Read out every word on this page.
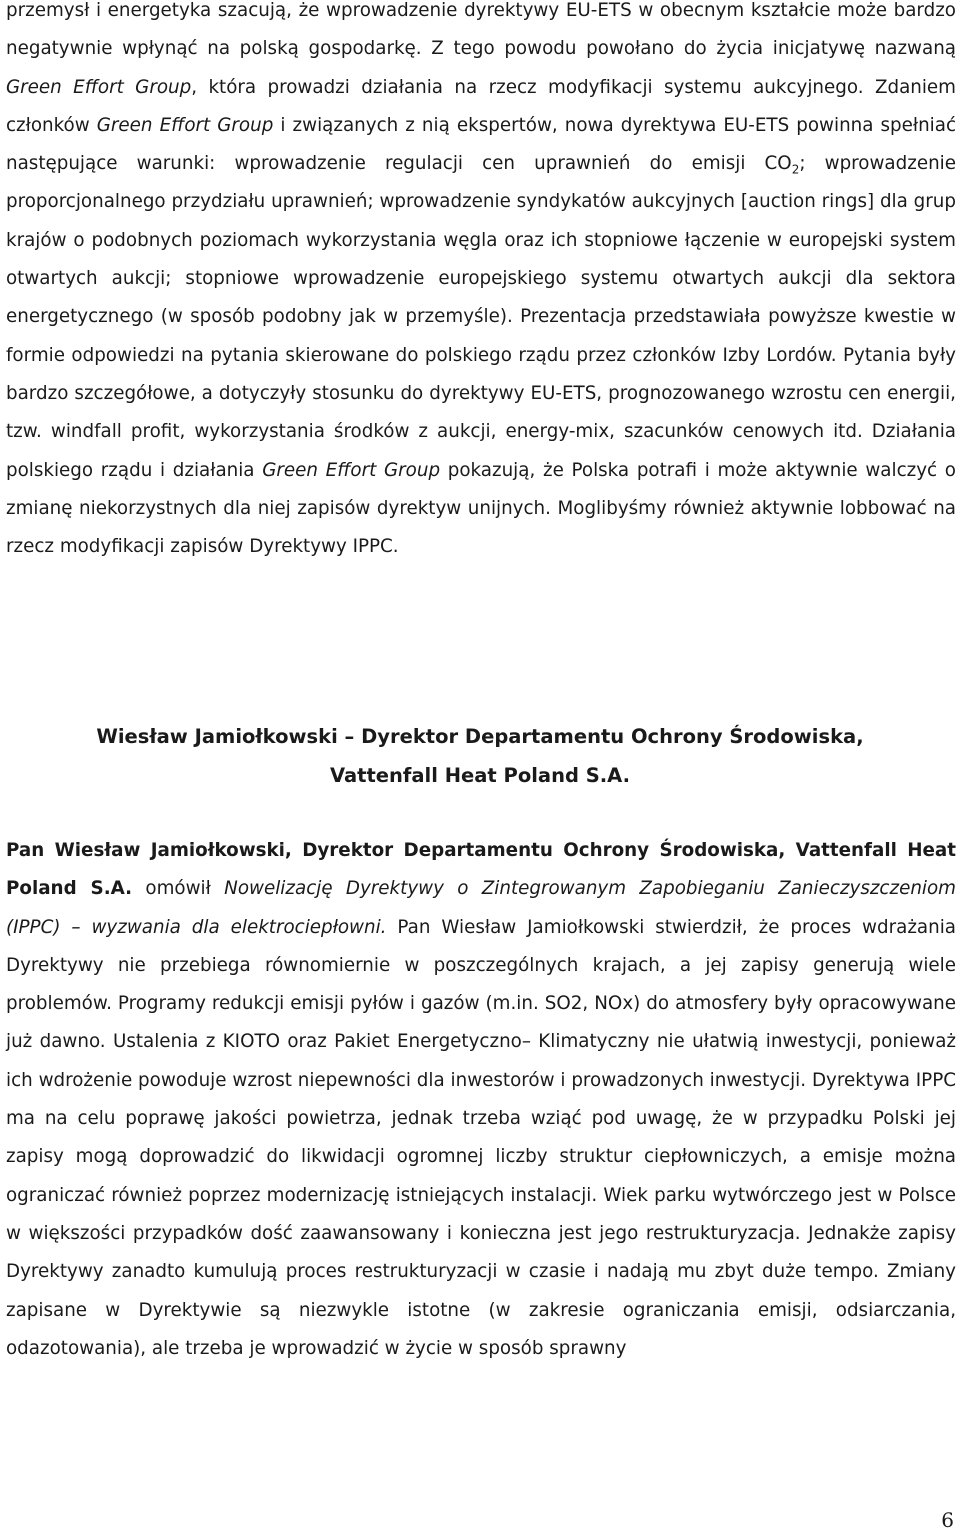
przemysł i energetyka szacują, że wprowadzenie dyrektywy EU-ETS w obecnym kształcie może bardzo negatywnie wpłynąć na polską gospodarkę. Z tego powodu powołano do życia inicjatywę nazwaną Green Effort Group, która prowadzi działania na rzecz modyfikacji systemu aukcyjnego. Zdaniem członków Green Effort Group i związanych z nią ekspertów, nowa dyrektywa EU-ETS powinna spełniać następujące warunki: wprowadzenie regulacji cen uprawnień do emisji $CO_2$; wprowadzenie proporcjonalnego przydziału uprawnień; wprowadzenie syndykatów aukcyjnych [auction rings] dla grup krajów o podobnych poziomach wykorzystania węgla oraz ich stopniowe łączenie w europejski system otwartych aukcji; stopniowe wprowadzenie europejskiego systemu otwartych aukcji dla sektora energetycznego (w sposób podobny jak w przemyśle). Prezentacja przedstawiała powyższe kwestie w formie odpowiedzi na pytania skierowane do polskiego rządu przez członków Izby Lordów. Pytania były bardzo szczegółowe, a dotyczyły stosunku do dyrektywy EU-ETS, prognozowanego wzrostu cen energii, tzw. windfall profit, wykorzystania środków z aukcji, energy-mix, szacunków cenowych itd. Działania polskiego rządu i działania Green Effort Group pokazują, że Polska potrafi i może aktywnie walczyć o zmianę niekorzystnych dla niej zapisów dyrektyw unijnych. Moglibyśmy również aktywnie lobbować na rzecz modyfikacji zapisów Dyrektywy IPPC.

Wiesław Jamiołkowski – Dyrektor Departamentu Ochrony Środowiska,
Vattenfall Heat Poland S.A.

Pan Wiesław Jamiołkowski, Dyrektor Departamentu Ochrony Środowiska, Vattenfall Heat Poland S.A. omówił Nowelizację Dyrektywy o Zintegrowanym Zapobieganiu Zanieczyszczeniom (IPPC) – wyzwania dla elektrociepłowni. Pan Wiesław Jamiołkowski stwierdził, że proces wdrażania Dyrektywy nie przebiega równomiernie w poszczególnych krajach, a jej zapisy generują wiele problemów. Programy redukcji emisji pyłów i gazów (m.in. SO2, NOx) do atmosfery były opracowywane już dawno. Ustalenia z KIOTO oraz Pakiet Energetyczno– Klimatyczny nie ułatwią inwestycji, ponieważ ich wdrożenie powoduje wzrost niepewności dla inwestorów i prowadzonych inwestycji. Dyrektywa IPPC ma na celu poprawę jakości powietrza, jednak trzeba wziąć pod uwagę, że w przypadku Polski jej zapisy mogą doprowadzić do likwidacji ogromnej liczby struktur ciepłowniczych, a emisje można ograniczać również poprzez modernizację istniejących instalacji. Wiek parku wytwórczego jest w Polsce w większości przypadków dość zaawansowany i konieczna jest jego restrukturyzacja. Jednakże zapisy Dyrektywy zanadto kumulują proces restrukturyzacji w czasie i nadają mu zbyt duże tempo. Zmiany zapisane w Dyrektywie są niezwykle istotne (w zakresie ograniczania emisji, odsiarczania, odazotowania), ale trzeba je wprowadzić w życie w sposób sprawny

6
